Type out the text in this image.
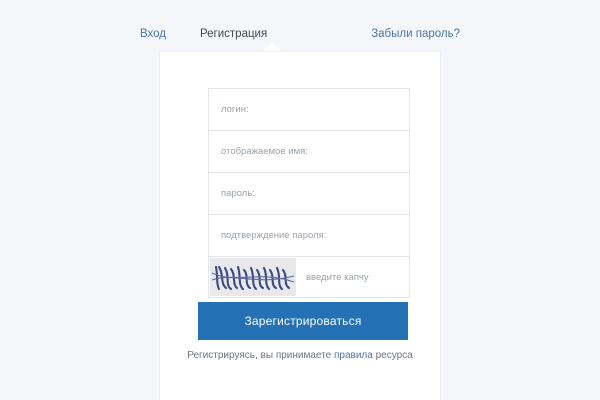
Вход	Регистрация	Забыли пароль?
логин:
отображаемое имя:
введите капчу
Зарегистрироваться
Регистрируясь, вы принимаете правила ресурса
